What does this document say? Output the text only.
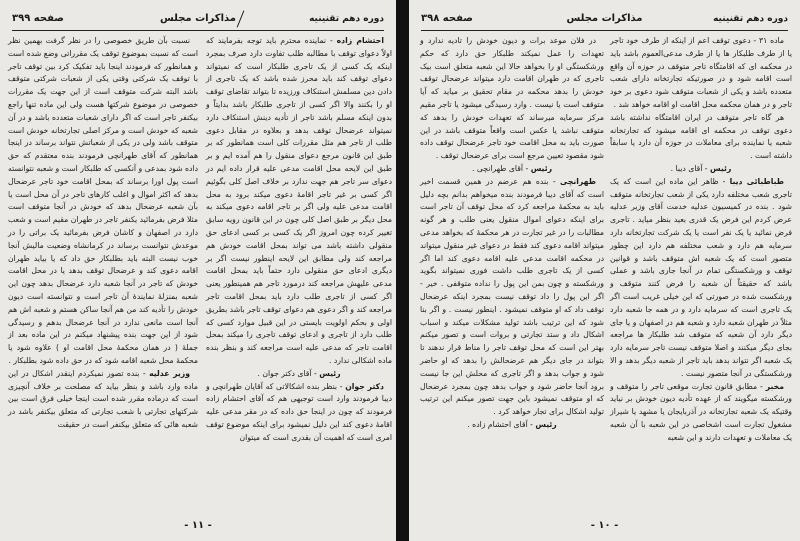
دوره دهم تقنینیه
مذاکرات مجلس
صفحه ۳۹۹

احتشام زاده - نماینده محترم باید توجه بفرمایند که اولاً دعوای توقف با مطالبه طلب تفاوت دارد صرف بمجرد اینکه یک کسی از یک تاجری طلبکار است که نمیتواند دعوای توقف کند باید محرز شده باشد که یک تاجری از دادن دین مسلمش استنکاف ورزیده تا بتواند تقاضای توقف او را بکنند والا اگر کسی از تاجری طلبکار باشد بدایتاً و بدون اینکه مسلم باشد تاجر از تأدیه دینش استنکاف دارد نمیتواند عرضحال توقف بدهد و بعلاوه در مقابل دعوی طلب از تاجر هم مثل مقررات کلی است همانطور که بر طبق این قانون مرجع دعوای منقول را هم آمده ایم و بر طبق این لایحه محل اقامت مدعی علیه قرار داده ایم در دعوای سر تاجر هم جهت ندارد بر خلاف اصل کلی بگوئیم اگر کسی بر غیر تاجر اقامهٔ دعوی میکند برود به محل اقامت مدعی علیه ولی اگر بر تاجر اقامه دعوی میکند به محل دیگر بر طبق اصل کلی چون در این قانون رویه سابق تغییر کرده چون امروز اگر یک کسی بر کسی ادعای حق منقولی داشته باشد می تواند بمحل اقامت خودش هم مراجعه کند ولی مطابق این لایحه اینطور نیست اگر بر دیگری ادعای حق منقولی دارد حتماً باید بمحل اقامت مدعی علیهش مراجعه کند درمورد تاجر هم همینطور یعنی اگر کسی از تاجری طلب دارد باید بمحل اقامت تاجر مراجعه کند و اگر دعوی هم دعوای توقف تاجر باشد بطریق اولی و بحکم اولویت بایستی در این قبیل موارد کسی که طلب دارد از تاجری و ادعای توقف تاجری را میکند بمحل اقامت تاجر که مدعی علیه است مراجعه کند و بنظر بنده ماده اشکالی ندارد .

رئیس - آقای دکتر جوان .

دکتر جوان - بنظر بنده اشکالاتی که آقایان طهرانچی و دیبا فرمودند وارد است توجیهی هم که آقای احتشام زاده فرمودند که چون در اینجا حق داده که در مقر مدعی علیه اقامهٔ دعوی کند این دلیل نمیشود برای اینکه موضوع توقف امری است که اهمیت آن بقدری است که میتوان

نسبت بآن طریق خصوصی را در نظر گرفت بهمین نظر است که نسبت بموضوع توقف یک مقرراتی وضع شده است و همانطور که فرمودند اینجا باید تفکیک کرد بین توقف تاجر با توقف یک شرکتی وقتی یکی از شعبات شرکتی متوقف باشد البته شرکت متوقف است از این جهت یک مقررات خصوصی در موضوع شرکتها هست ولی این ماده تنها راجع بیکنفر تاجر است که اگر دارای شعبات متعدده باشد و در آن شعبه که خودش است و مرکز اصلی تجارتخانه خودش است متوقف باشد ولی در یکی از شعباتش نتواند برساند در اینجا همانطور که آقای طهرانچی فرمودند بنده معتقدم که حق داده شود بمدعی و آنکسی که طلبکار است و شعبه نتوانسته است پول اورا برساند که بمحل اقامت خود تاجر عرضحال بدهد که اکثر اموال و اغلب کارهای تاجر در آن محل است یا بآن شعبه عرضحال بدهد که خودش در آنجا متوقف است مثلا فرض بفرمائید یکنفر تاجر در طهران مقیم است و شعب دارد در اصفهان و کاشان فرض بفرمائید یک براتی را در موعدش نتوانست برساند در کرمانشاه وضعیت مالیش آنجا خوب نیست البته باید بطلبکار حق داد که یا بیاید طهران اقامه دعوی کند و عرضحال توقف بدهد یا در محل اقامت خودش که تاجر در آنجا شعبه دارد عرضحال بدهد چون این شعبه بمنزلهٔ نمایندهٔ آن تاجر است و نتوانسته است دیون خودش را تأدیه کند من هم آنجا ساکن هستم و شعبه اش هم آنجا است مانعی ندارد در آنجا عرضحال بدهم و رسیدگی شود از این جهت بنده پیشنهاد میکنم در این ماده بعد از جملهٔ ( در همان محکمهٔ محل اقامت او ) علاوه شود یا محکمهٔ محل شعبه اقامه شود که در حق داده شود بطلبکار .

وزیر عدلیه - بنده تصور نمیکردم اینقدر اشکال در این ماده وارد باشد و بنظر بیاید که مصلحت بر خلاف آنچیزی است که درماده مقرر شده است اینجا خیلی فرق است بین شرکتهای تجارتی با شعب تجارتی که متعلق بیکنفر باشد در شعبه هائی که متعلق بیکنفر است در حقیقت

- ۱۱ -
دوره دهم تقنینیه
مذاکرات مجلس
صفحه ۳۹۸

ماده ۳۱ - دعوی توقف اعم از اینکه از طرف خود تاجر یا از طرف طلبکار ها یا از طرف مدعی‌العموم باشد باید در محکمه ای که اقامتگاه تاجر متوقف در حوزه آن واقع است اقامه شود و در صورتیکه تجارتخانه دارای شعب متعدده باشد و یکی از شعبات متوقف شود دعوی بر خود تاجر و در همان محکمه محل اقامت او اقامه خواهد شد .

هر گاه تاجر متوقف در ایران اقامتگاه نداشته باشد دعوی توقف در محکمه ای اقامه میشود که تجارتخانه شعبه یا نماینده برای معاملات در حوزه آن دارد یا سابقاً داشته است .

رئیس - آقای دیبا .

طباطبائی دیبا - ظاهر این ماده این است که یک تاجری شعب مختلفه دارد یکی از شعب تجارتخانه متوقف شود . بنده در کمیسیون عدلیه خدمت آقای وزیر عدلیه عرض کردم این فرض یک قدری بعید بنظر میاید . تاجری فرض نمائید یا یک نفر است یا یک شرکت تجارتخانه دارد سرمایه هم دارد و شعب مختلفه هم دارد این چطور متصور است که یک شعبه اش متوقف باشد و قوانین توقف و ورشکستگی تمام در آنجا جاری باشد و عملی باشد که حقیقتاً آن شعبه را فرض کنند متوقف و ورشکست شده در صورتی که این خیلی غریب است اگر یک تاجری است که سرمایه دارد و در همه جا شعبه دارد مثلاً در طهران شعبه دارد و شعبه هم در اصفهان و یا جای دیگر دارد آن شعبه که متوقف شد طلبکار ها مراجعه بجای دیگر میکنند و اصلا متوقف نیست تاجر سرمایه دارد یک شعبه اگر نتواند بدهد باید تاجر از شعبه دیگر بدهد و الا ورشکستگی در آنجا متصور نیست .

مخبر - مطابق قانون تجارت موقعی تاجر را متوقف و ورشکسته میگویند که از عهده تأدیه دیون خودش بر نیاید وقتیکه یک شعبه تجارتخانه در آذربایجان یا مشهد یا شیراز مشغول تجارت است اشخاصی در این شعبه با آن شعبه یک معاملات و تعهدات دارند و این شعبه

در فلان موعد برات و دیون خودش را تادیه ندارد و تعهدات را عمل نمیکند طلبکار حق دارد که حکم ورشکستگی او را بخواهد حالا این شعبه متعلق است بیک تاجری که در طهران اقامت دارد میتواند عرضحال توقف خودش را بدهد محکمه در مقام تحقیق بر میاید که آیا متوقف است یا نیست . وارد رسیدگی میشود یا تاجر مقیم مرکز سرمایه میرساند که تعهدات خودش را بدهد که متوقف نباشد یا عکس است واقعاً متوقف باشد در این صورت باید به محل اقامت خود تاجر عرضحال توقف داده شود مقصود تعیین مرجع است برای عرضحال توقف .

رئیس - آقای طهرانچی .

طهرانچی - بنده هم عرضم در همین قسمت اخیر است که آقای دیبا فرمودند بنده میخواهم بدانم بچه دلیل باید به محکمهٔ مراجعه کرد که محل توقف آن تاجر است برای اینکه دعوای اموال منقول یعنی طلب و هر گونه مطالبات را در غیر تجارت در هر محکمهٔ که بخواهد مدعی میتواند اقامه دعوی کند فقط در دعوای غیر منقول میتواند در محکمه اقامت مدعی علیه اقامه دعوی کند اما اگر کسی از یک تاجری طلب داشت فوری نمیتواند بگوید ورشکسته و چون بمن این پول را نداده متوقفی . خیر - اگر این پول را داد توقف نیست بمجرد اینکه عرضحال توقف داد که او متوقف نمیشود . اینطور نیست . و اگر بنا شود که این ترتیب باشد تولید مشکلات میکند و اسباب اشکال داد و ستد تجارتی و بروات است و تصور میکنم بهتر این است که محل توقف تاجر را مناط قرار ندهند تا بتواند در جای دیگر هم عرضحالش را بدهد که او حاضر شود و جواب بدهد و اگر تاجری که محلش این جا نیست برود آنجا حاضر شود و جواب بدهد چون بمجرد عرضحال که او متوقف نمیشود باین جهت تصور میکنم این ترتیب تولید اشکال برای تجار خواهد کرد .

رئیس - آقای احتشام زاده .

- ۱۰ -
